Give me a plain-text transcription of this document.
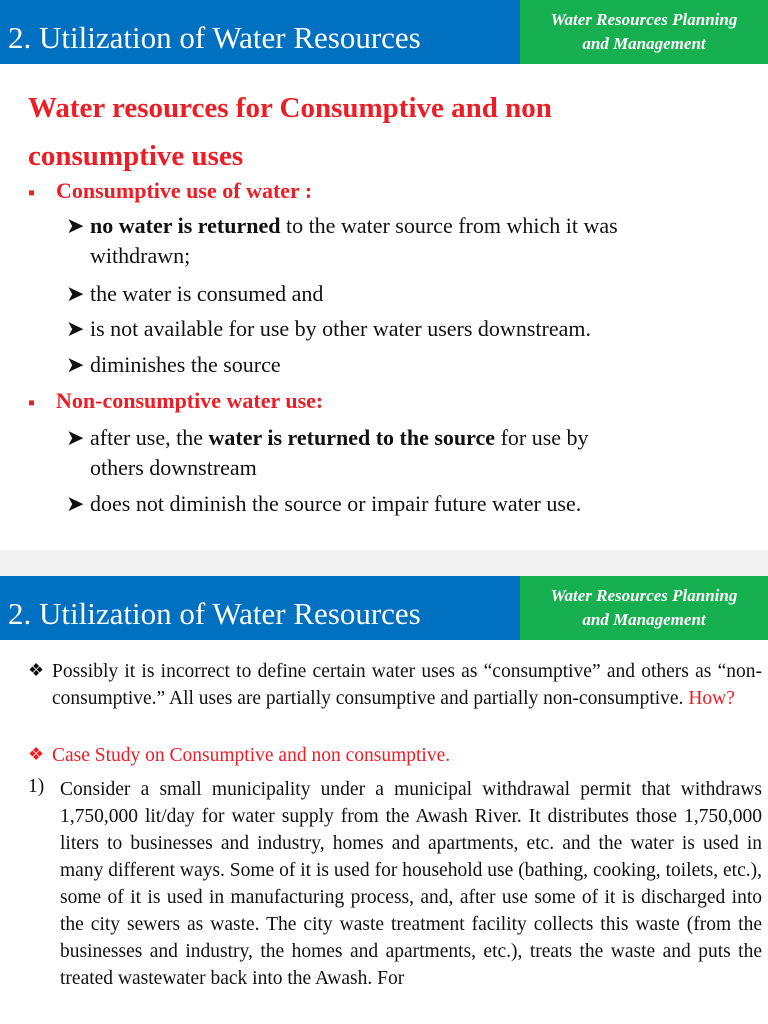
2. Utilization of Water Resources
Water Resources Planning
and Management
Water resources for Consumptive and non
consumptive uses
▪ Consumptive use of water :
➤ no water is returned to the water source from which it was
withdrawn;
➤ the water is consumed and
➤ is not available for use by other water users downstream.
➤ diminishes the source
▪ Non-consumptive water use:
➤ after use, the water is returned to the source for use by
others downstream
➤ does not diminish the source or impair future water use.
2. Utilization of Water Resources
Water Resources Planning
and Management
❖ Possibly it is incorrect to define certain water uses as “consumptive” and others as “non-consumptive.” All uses are partially consumptive and partially non-consumptive. How?
❖ Case Study on Consumptive and non consumptive.
1) Consider a small municipality under a municipal withdrawal permit that withdraws 1,750,000 lit/day for water supply from the Awash River. It distributes those 1,750,000 liters to businesses and industry, homes and apartments, etc. and the water is used in many different ways. Some of it is used for household use (bathing, cooking, toilets, etc.), some of it is used in manufacturing process, and, after use some of it is discharged into the city sewers as waste. The city waste treatment facility collects this waste (from the businesses and industry, the homes and apartments, etc.), treats the waste and puts the treated wastewater back into the Awash. For
